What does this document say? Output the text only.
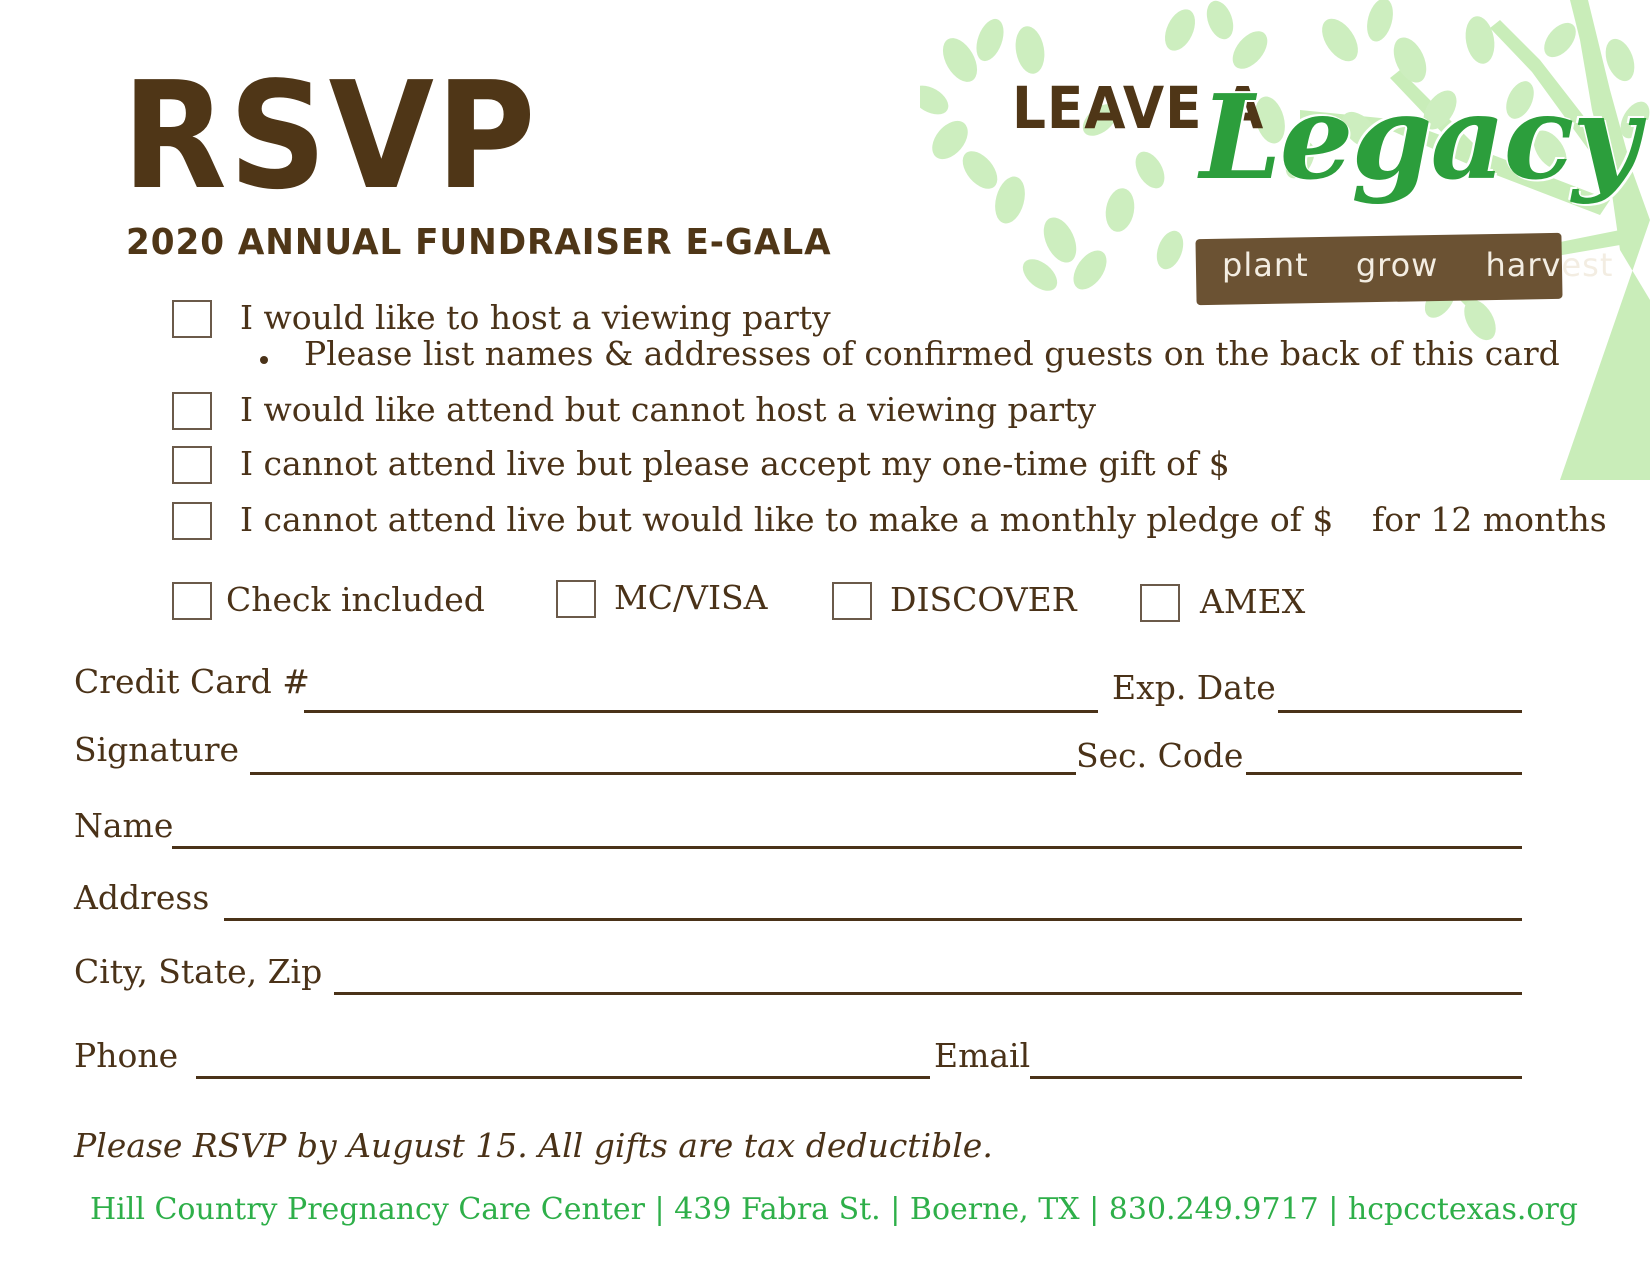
RSVP
2020 ANNUAL FUNDRAISER E-GALA
LEAVE A
Legacy
plant grow harvest
I would like to host a viewing party
Please list names & addresses of confirmed guests on the back of this card
I would like attend but cannot host a viewing party
I cannot attend live but please accept my one-time gift of $
I cannot attend live but would like to make a monthly pledge of $ for 12 months
Check included	MC/VISA	DISCOVER	AMEX
Credit Card #	Exp. Date
Signature	Sec. Code
Name
Address
City, State, Zip
Phone	Email
Please RSVP by August 15. All gifts are tax deductible.
Hill Country Pregnancy Care Center | 439 Fabra St. | Boerne, TX | 830.249.9717 | hcpcctexas.org
